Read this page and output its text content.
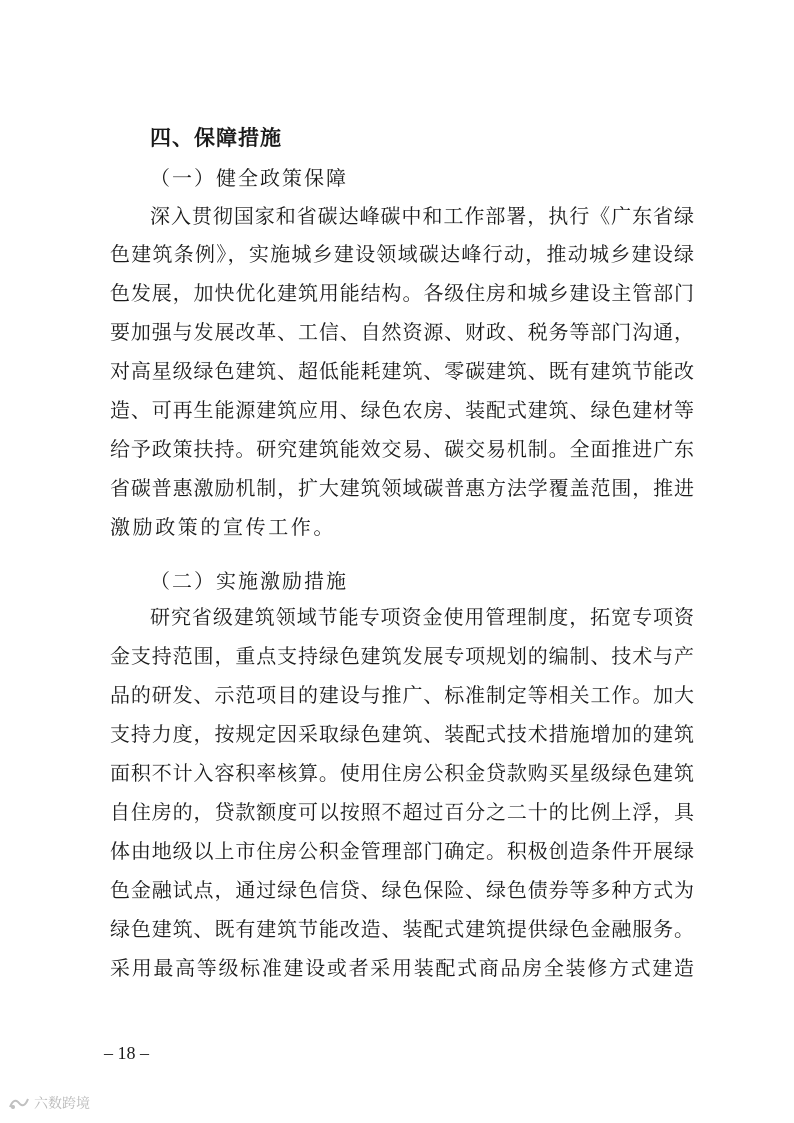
四、保障措施
（一）健全政策保障
深入贯彻国家和省碳达峰碳中和工作部署，执行《广东省绿
色建筑条例》，实施城乡建设领域碳达峰行动，推动城乡建设绿
色发展，加快优化建筑用能结构。各级住房和城乡建设主管部门
要加强与发展改革、工信、自然资源、财政、税务等部门沟通，
对高星级绿色建筑、超低能耗建筑、零碳建筑、既有建筑节能改
造、可再生能源建筑应用、绿色农房、装配式建筑、绿色建材等
给予政策扶持。研究建筑能效交易、碳交易机制。全面推进广东
省碳普惠激励机制，扩大建筑领域碳普惠方法学覆盖范围，推进
激励政策的宣传工作。
（二）实施激励措施
研究省级建筑领域节能专项资金使用管理制度，拓宽专项资
金支持范围，重点支持绿色建筑发展专项规划的编制、技术与产
品的研发、示范项目的建设与推广、标准制定等相关工作。加大
支持力度，按规定因采取绿色建筑、装配式技术措施增加的建筑
面积不计入容积率核算。使用住房公积金贷款购买星级绿色建筑
自住房的，贷款额度可以按照不超过百分之二十的比例上浮，具
体由地级以上市住房公积金管理部门确定。积极创造条件开展绿
色金融试点，通过绿色信贷、绿色保险、绿色债券等多种方式为
绿色建筑、既有建筑节能改造、装配式建筑提供绿色金融服务。
采用最高等级标准建设或者采用装配式商品房全装修方式建造
– 18 –
六数跨境
